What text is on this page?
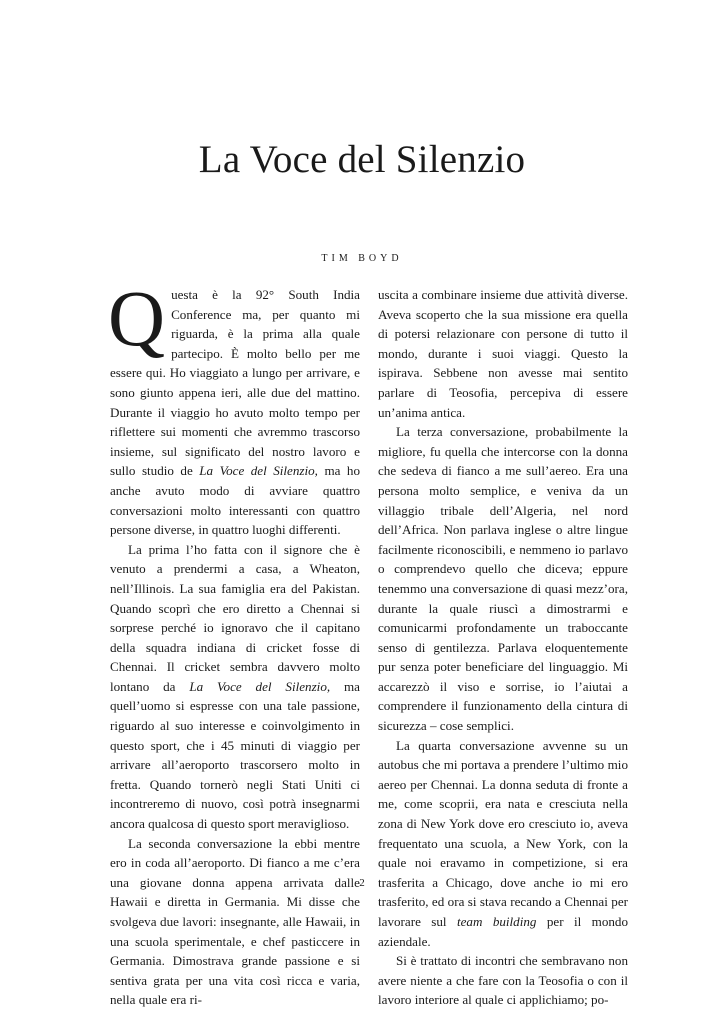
La Voce del Silenzio
TIM BOYD

Questa è la 92° South India Conference ma, per quanto mi riguarda, è la prima alla quale partecipo. È molto bello per me essere qui. Ho viaggiato a lungo per arrivare, e sono giunto appena ieri, alle due del mattino. Durante il viaggio ho avuto molto tempo per riflettere sui momenti che avremmo trascorso insieme, sul significato del nostro lavoro e sullo studio de La Voce del Silenzio, ma ho anche avuto modo di avviare quattro conversazioni molto interessanti con quattro persone diverse, in quattro luoghi differenti.

La prima l’ho fatta con il signore che è venuto a prendermi a casa, a Wheaton, nell’Illinois. La sua famiglia era del Pakistan. Quando scoprì che ero diretto a Chennai si sorprese perché io ignoravo che il capitano della squadra indiana di cricket fosse di Chennai. Il cricket sembra davvero molto lontano da La Voce del Silenzio, ma quell’uomo si espresse con una tale passione, riguardo al suo interesse e coinvolgimento in questo sport, che i 45 minuti di viaggio per arrivare all’aeroporto trascorsero molto in fretta. Quando tornerò negli Stati Uniti ci incontreremo di nuovo, così potrà insegnarmi ancora qualcosa di questo sport meraviglioso.

La seconda conversazione la ebbi mentre ero in coda all’aeroporto. Di fianco a me c’era una giovane donna appena arrivata dalle Hawaii e diretta in Germania. Mi disse che svolgeva due lavori: insegnante, alle Hawaii, in una scuola sperimentale, e chef pasticcere in Germania. Dimostrava grande passione e si sentiva grata per una vita così ricca e varia, nella quale era ri-

uscita a combinare insieme due attività diverse. Aveva scoperto che la sua missione era quella di potersi relazionare con persone di tutto il mondo, durante i suoi viaggi. Questo la ispirava. Sebbene non avesse mai sentito parlare di Teosofia, percepiva di essere un’anima antica.

La terza conversazione, probabilmente la migliore, fu quella che intercorse con la donna che sedeva di fianco a me sull’aereo. Era una persona molto semplice, e veniva da un villaggio tribale dell’Algeria, nel nord dell’Africa. Non parlava inglese o altre lingue facilmente riconoscibili, e nemmeno io parlavo o comprendevo quello che diceva; eppure tenemmo una conversazione di quasi mezz’ora, durante la quale riuscì a dimostrarmi e comunicarmi profondamente un traboccante senso di gentilezza. Parlava eloquentemente pur senza poter beneficiare del linguaggio. Mi accarezzò il viso e sorrise, io l’aiutai a comprendere il funzionamento della cintura di sicurezza – cose semplici.

La quarta conversazione avvenne su un autobus che mi portava a prendere l’ultimo mio aereo per Chennai. La donna seduta di fronte a me, come scoprii, era nata e cresciuta nella zona di New York dove ero cresciuto io, aveva frequentato una scuola, a New York, con la quale noi eravamo in competizione, si era trasferita a Chicago, dove anche io mi ero trasferito, ed ora si stava recando a Chennai per lavorare sul team building per il mondo aziendale.

Si è trattato di incontri che sembravano non avere niente a che fare con la Teosofia o con il lavoro interiore al quale ci applichiamo; po-

2
